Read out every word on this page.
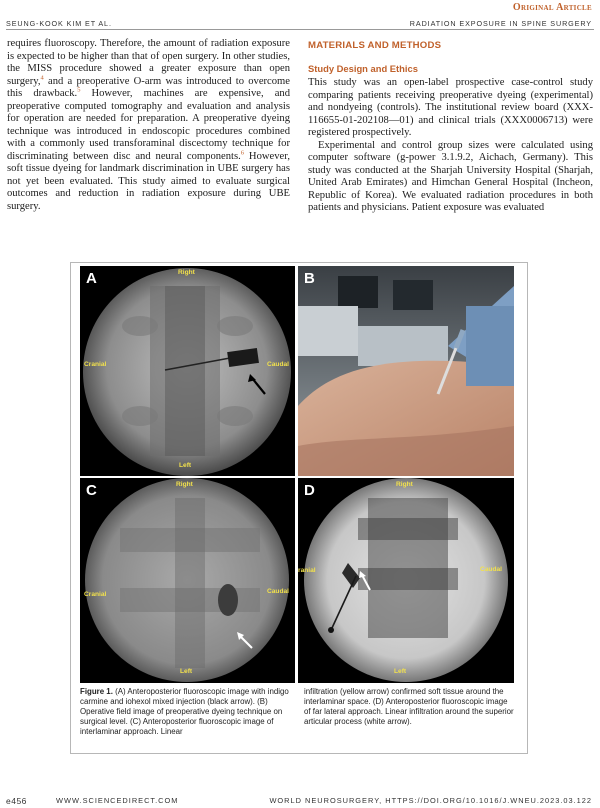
Original Article
SEUNG-KOOK KIM ET AL.	RADIATION EXPOSURE IN SPINE SURGERY

requires fluoroscopy. Therefore, the amount of radiation exposure is expected to be higher than that of open surgery. In other studies, the MISS procedure showed a greater exposure than open surgery,$^4$ and a preoperative O-arm was introduced to overcome this drawback.$^5$ However, machines are expensive, and preoperative computed tomography and evaluation and analysis for operation are needed for preparation. A preoperative dyeing technique was introduced in endoscopic procedures combined with a commonly used transforaminal discectomy technique for discriminating between disc and neural components.$^6$ However, soft tissue dyeing for landmark discrimination in UBE surgery has not yet been evaluated. This study aimed to evaluate surgical outcomes and reduction in radiation exposure during UBE surgery.

MATERIALS AND METHODS
Study Design and Ethics

This study was an open-label prospective case-control study comparing patients receiving preoperative dyeing (experimental) and nondyeing (controls). The institutional review board (XXX-116655-01-202108—01) and clinical trials (XXX0006713) were registered prospectively.

Experimental and control group sizes were calculated using computer software (g-power 3.1.9.2, Aichach, Germany). This study was conducted at the Sharjah University Hospital (Sharjah, United Arab Emirates) and Himchan General Hospital (Incheon, Republic of Korea). We evaluated radiation procedures in both patients and physicians. Patient exposure was evaluated

A	Right
Cranial	Caudal
Left
B
C	Right
Cranial	Caudal
Left
D	Right
ranial	Caudal
Left
Figure 1. (A) Anteroposterior fluoroscopic image with indigo carmine and iohexol mixed injection (black arrow). (B) Operative field image of preoperative dyeing technique on surgical level. (C) Anteroposterior fluoroscopic image of interlaminar approach. Linear
infiltration (yellow arrow) confirmed soft tissue around the interlaminar space. (D) Anteroposterior fluoroscopic image of far lateral approach. Linear infiltration around the superior articular process (white arrow).
e456	WWW.SCIENCEDIRECT.COM	WORLD NEUROSURGERY, HTTPS://DOI.ORG/10.1016/J.WNEU.2023.03.122
